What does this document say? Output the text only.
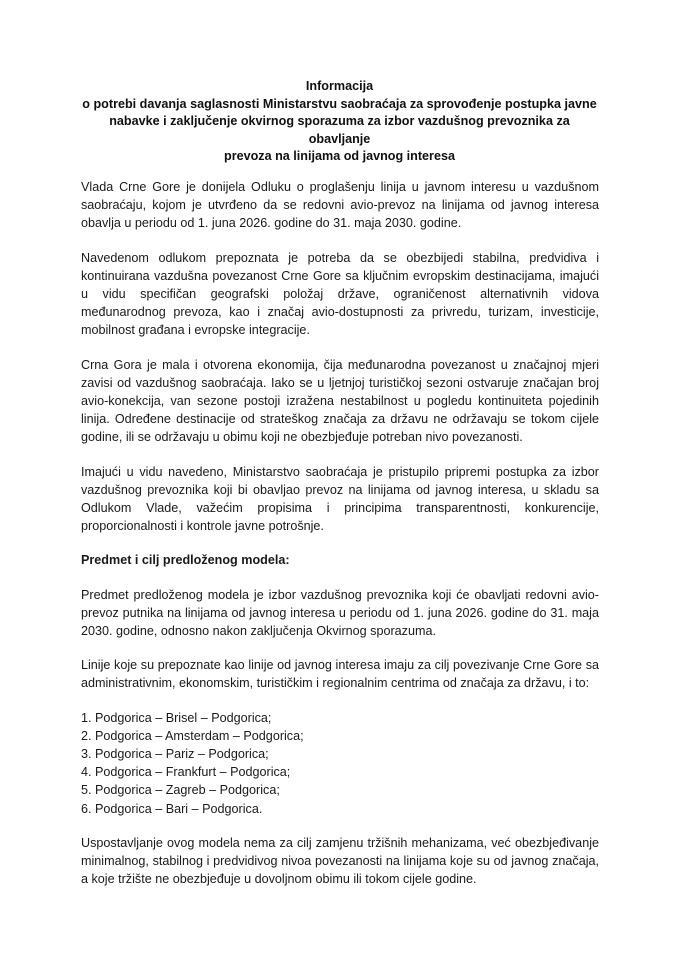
Informacija
o potrebi davanja saglasnosti Ministarstvu saobraćaja za sprovođenje postupka javne
nabavke i zaključenje okvirnog sporazuma za izbor vazdušnog prevoznika za obavljanje
prevoza na linijama od javnog interesa

Vlada Crne Gore je donijela Odluku o proglašenju linija u javnom interesu u vazdušnom saobraćaju, kojom je utvrđeno da se redovni avio-prevoz na linijama od javnog interesa obavlja u periodu od 1. juna 2026. godine do 31. maja 2030. godine.

Navedenom odlukom prepoznata je potreba da se obezbijedi stabilna, predvidiva i kontinuirana vazdušna povezanost Crne Gore sa ključnim evropskim destinacijama, imajući u vidu specifičan geografski položaj države, ograničenost alternativnih vidova međunarodnog prevoza, kao i značaj avio-dostupnosti za privredu, turizam, investicije, mobilnost građana i evropske integracije.

Crna Gora je mala i otvorena ekonomija, čija međunarodna povezanost u značajnoj mjeri zavisi od vazdušnog saobraćaja. Iako se u ljetnjoj turističkoj sezoni ostvaruje značajan broj avio-konekcija, van sezone postoji izražena nestabilnost u pogledu kontinuiteta pojedinih linija. Određene destinacije od strateškog značaja za državu ne održavaju se tokom cijele godine, ili se održavaju u obimu koji ne obezbjeđuje potreban nivo povezanosti.

Imajući u vidu navedeno, Ministarstvo saobraćaja je pristupilo pripremi postupka za izbor vazdušnog prevoznika koji bi obavljao prevoz na linijama od javnog interesa, u skladu sa Odlukom Vlade, važećim propisima i principima transparentnosti, konkurencije, proporcionalnosti i kontrole javne potrošnje.

Predmet i cilj predloženog modela:

Predmet predloženog modela je izbor vazdušnog prevoznika koji će obavljati redovni avio-prevoz putnika na linijama od javnog interesa u periodu od 1. juna 2026. godine do 31. maja 2030. godine, odnosno nakon zaključenja Okvirnog sporazuma.

Linije koje su prepoznate kao linije od javnog interesa imaju za cilj povezivanje Crne Gore sa administrativnim, ekonomskim, turističkim i regionalnim centrima od značaja za državu, i to:

1. Podgorica – Brisel – Podgorica;
2. Podgorica – Amsterdam – Podgorica;
3. Podgorica – Pariz – Podgorica;
4. Podgorica – Frankfurt – Podgorica;
5. Podgorica – Zagreb – Podgorica;
6. Podgorica – Bari – Podgorica.

Uspostavljanje ovog modela nema za cilj zamjenu tržišnih mehanizama, već obezbjeđivanje minimalnog, stabilnog i predvidivog nivoa povezanosti na linijama koje su od javnog značaja, a koje tržište ne obezbjeđuje u dovoljnom obimu ili tokom cijele godine.
